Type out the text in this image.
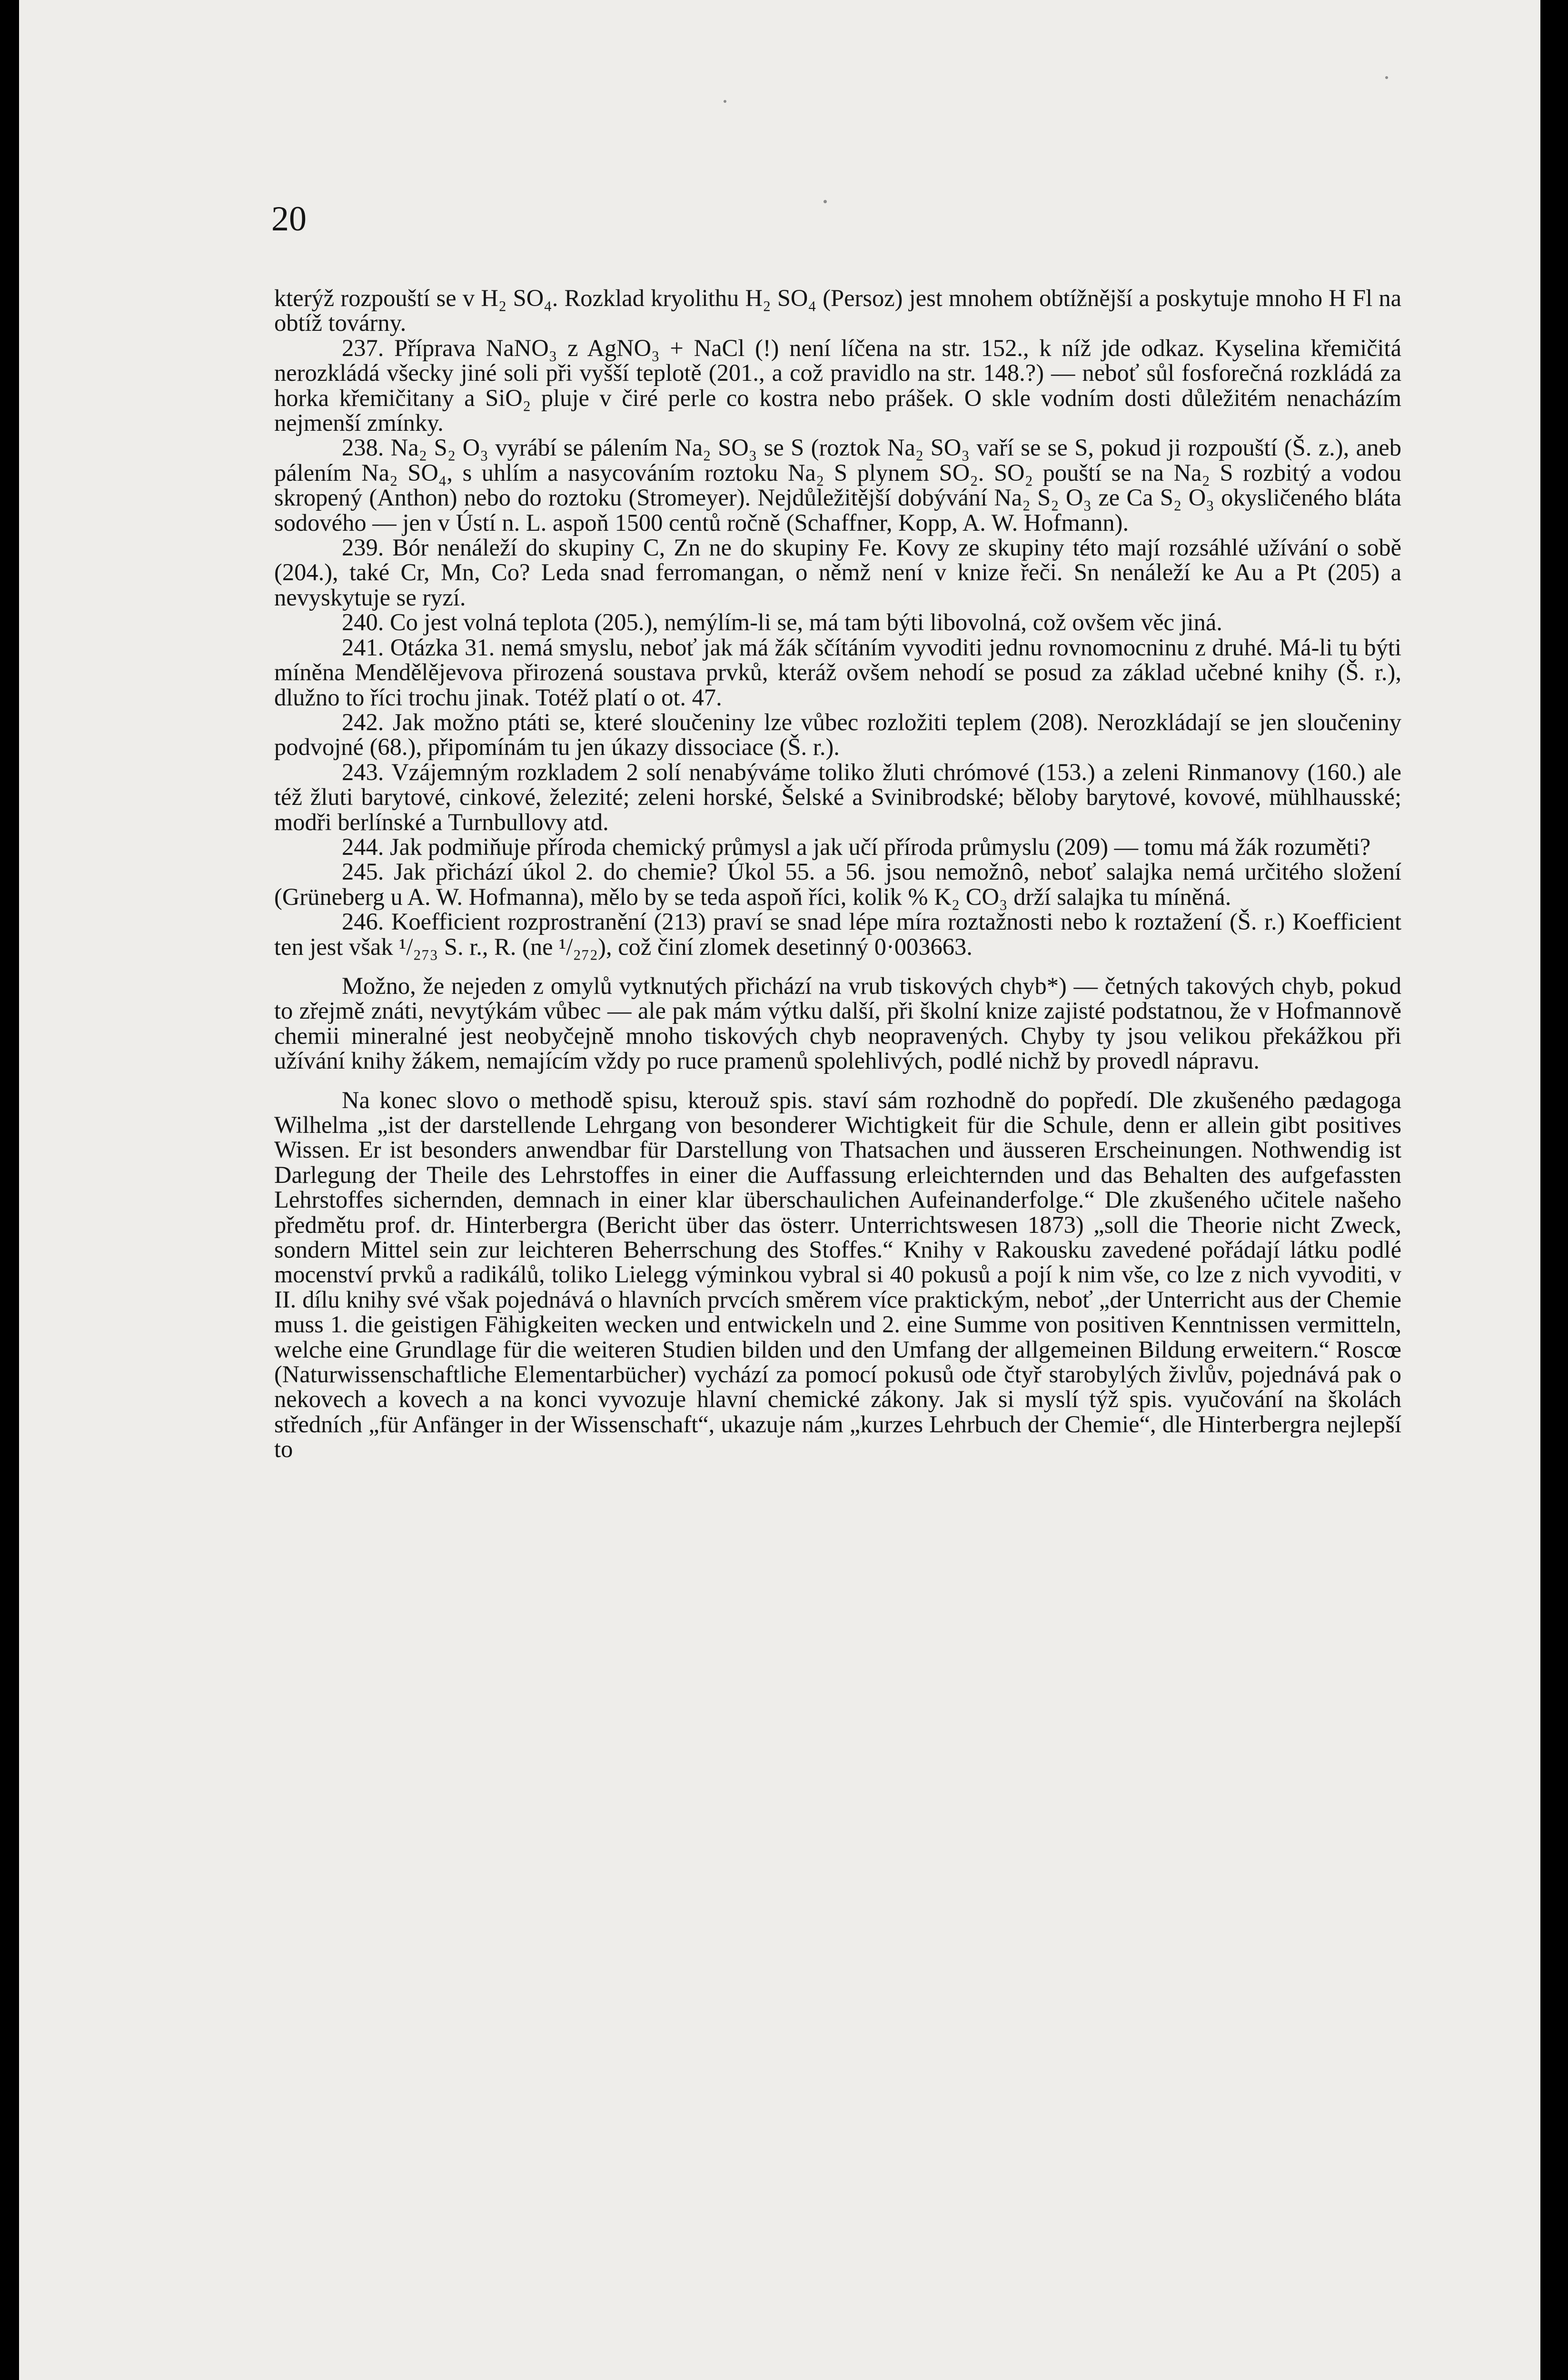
20

kterýž rozpouští se v H₂ SO₄. Rozklad kryolithu H₂ SO₄ (Persoz) jest mnohem obtížnější a poskytuje mnoho H Fl na obtíž továrny.

237. Příprava NaNO₃ z AgNO₃ + NaCl (!) není líčena na str. 152., k níž jde odkaz. Kyselina křemičitá nerozkládá všecky jiné soli při vyšší teplotě (201., a což pravidlo na str. 148.?) — neboť sůl fosforečná rozkládá za horka křemičitany a SiO₂ pluje v čiré perle co kostra nebo prášek. O skle vodním dosti důležitém nenacházím nejmenší zmínky.

238. Na₂ S₂ O₃ vyrábí se pálením Na₂ SO₃ se S (roztok Na₂ SO₃ vaří se se S, pokud ji rozpouští (Š. z.), aneb pálením Na₂ SO₄, s uhlím a nasycováním roztoku Na₂ S plynem SO₂. SO₂ pouští se na Na₂ S rozbitý a vodou skropený (Anthon) nebo do roztoku (Stromeyer). Nejdůležitější dobývání Na₂ S₂ O₃ ze Ca S₂ O₃ okysličeného bláta sodového — jen v Ústí n. L. aspoň 1500 centů ročně (Schaffner, Kopp, A. W. Hofmann).

239. Bór nenáleží do skupiny C, Zn ne do skupiny Fe. Kovy ze skupiny této mají rozsáhlé užívání o sobě (204.), také Cr, Mn, Co? Leda snad ferromangan, o němž není v knize řeči. Sn nenáleží ke Au a Pt (205) a nevyskytuje se ryzí.

240. Co jest volná teplota (205.), nemýlím-li se, má tam býti libovolná, což ovšem věc jiná.

241. Otázka 31. nemá smyslu, neboť jak má žák sčítáním vyvoditi jednu rovnomocninu z druhé. Má-li tu býti míněna Mendělějevova přirozená soustava prvků, kteráž ovšem nehodí se posud za základ učebné knihy (Š. r.), dlužno to říci trochu jinak. Totéž platí o ot. 47.

242. Jak možno ptáti se, které sloučeniny lze vůbec rozložiti teplem (208). Nerozkládají se jen sloučeniny podvojné (68.), připomínám tu jen úkazy dissociace (Š. r.).

243. Vzájemným rozkladem 2 solí nenabýváme toliko žluti chrómové (153.) a zeleni Rinmanovy (160.) ale též žluti barytové, cinkové, železité; zeleni horské, Šelské a Svinibrodské; běloby barytové, kovové, mühlhausské; modři berlínské a Turnbullovy atd.

244. Jak podmiňuje příroda chemický průmysl a jak učí příroda průmyslu (209) — tomu má žák rozuměti?

245. Jak přichází úkol 2. do chemie? Úkol 55. a 56. jsou nemožnô, neboť salajka nemá určitého složení (Grüneberg u A. W. Hofmanna), mělo by se teda aspoň říci, kolik % K₂ CO₃ drží salajka tu míněná.

246. Koefficient rozprostranění (213) praví se snad lépe míra roztažnosti nebo k roztažení (Š. r.) Koefficient ten jest však ¹/₂₇₃ S. r., R. (ne ¹/₂₇₂), což činí zlomek desetinný 0·003663.

Možno, že nejeden z omylů vytknutých přichází na vrub tiskových chyb*) — četných takových chyb, pokud to zřejmě znáti, nevytýkám vůbec — ale pak mám výtku další, při školní knize zajisté podstatnou, že v Hofmannově chemii mineralné jest neobyčejně mnoho tiskových chyb neopravených. Chyby ty jsou velikou překážkou při užívání knihy žákem, nemajícím vždy po ruce pramenů spolehlivých, podlé nichž by provedl nápravu.

Na konec slovo o methodě spisu, kterouž spis. staví sám rozhodně do popředí. Dle zkušeného pædagoga Wilhelma „ist der darstellende Lehrgang von besonderer Wichtigkeit für die Schule, denn er allein gibt positives Wissen. Er ist besonders anwendbar für Darstellung von Thatsachen und äusseren Erscheinungen. Nothwendig ist Darlegung der Theile des Lehrstoffes in einer die Auffassung erleichternden und das Behalten des aufgefassten Lehrstoffes sichernden, demnach in einer klar überschaulichen Aufeinanderfolge.“ Dle zkušeného učitele našeho předmětu prof. dr. Hinterbergra (Bericht über das österr. Unterrichtswesen 1873) „soll die Theorie nicht Zweck, sondern Mittel sein zur leichteren Beherrschung des Stoffes.“ Knihy v Rakousku zavedené pořádají látku podlé mocenství prvků a radikálů, toliko Lielegg výminkou vybral si 40 pokusů a pojí k nim vše, co lze z nich vyvoditi, v II. dílu knihy své však pojednává o hlavních prvcích směrem více praktickým, neboť „der Unterricht aus der Chemie muss 1. die geistigen Fähigkeiten wecken und entwickeln und 2. eine Summe von positiven Kenntnissen vermitteln, welche eine Grundlage für die weiteren Studien bilden und den Umfang der allgemeinen Bildung erweitern.“ Roscœ (Naturwissenschaftliche Elementarbücher) vychází za pomocí pokusů ode čtyř starobylých živlův, pojednává pak o nekovech a kovech a na konci vyvozuje hlavní chemické zákony. Jak si myslí týž spis. vyučování na školách středních „für Anfänger in der Wissenschaft“, ukazuje nám „kurzes Lehrbuch der Chemie“, dle Hinterbergra nejlepší to
